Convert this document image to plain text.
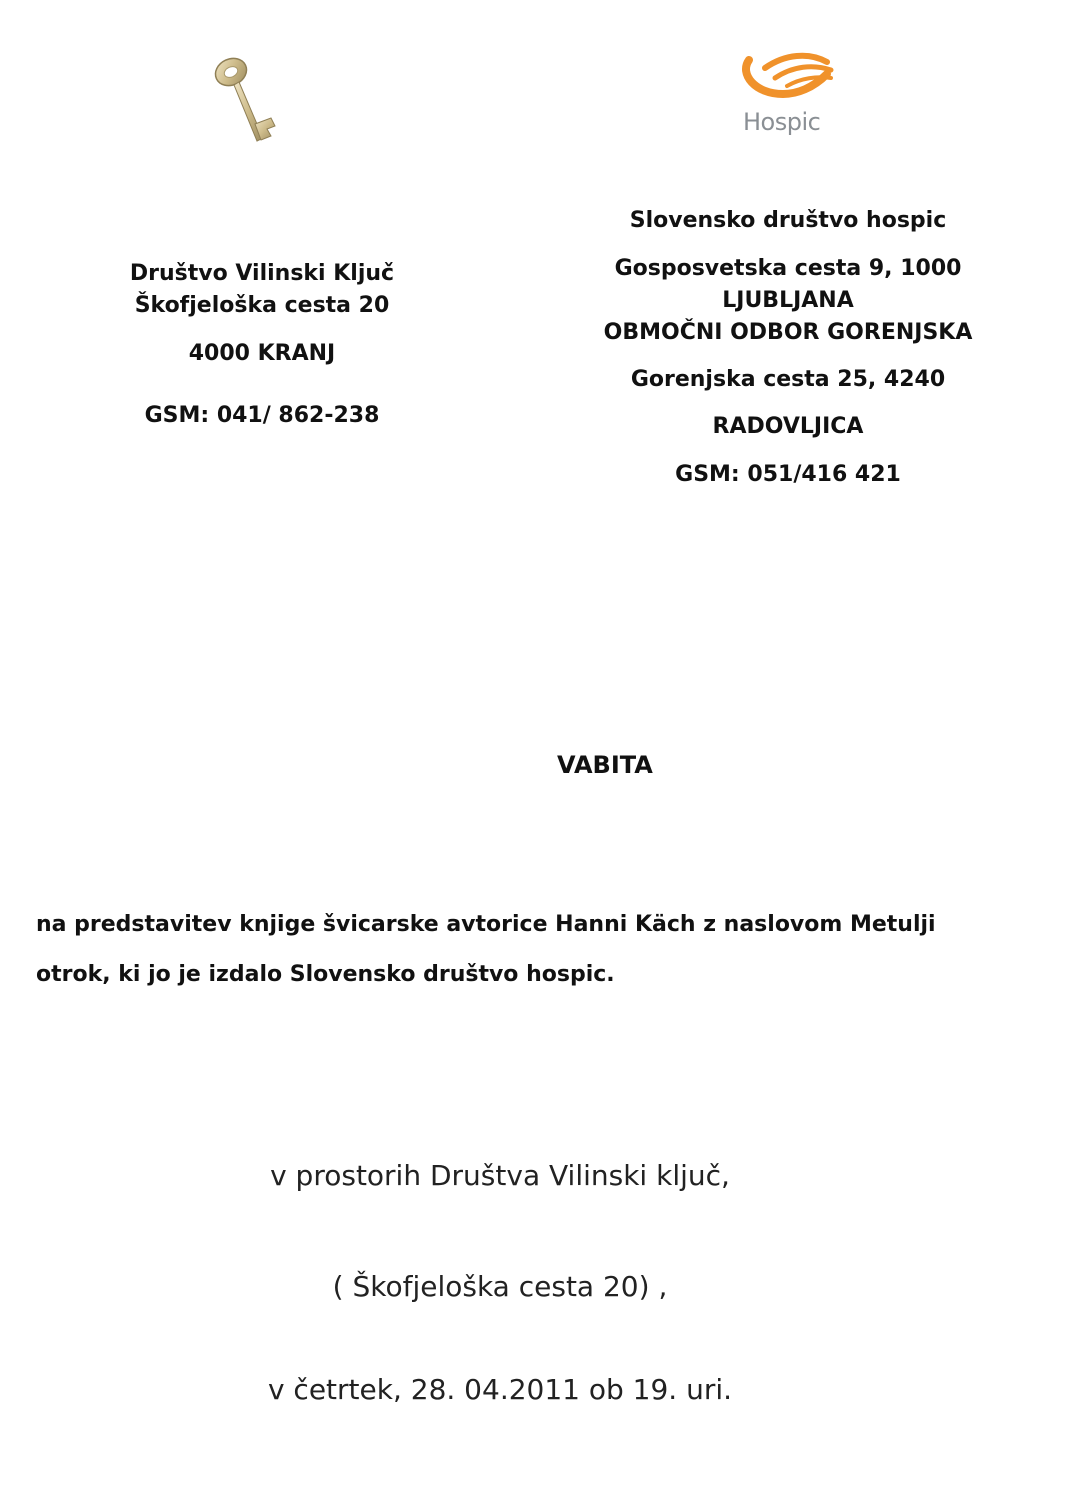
Hospic
Društvo Vilinski Ključ
Škofjeloška cesta 20
4000 KRANJ
GSM: 041/ 862-238
Slovensko društvo hospic
Gosposvetska cesta 9, 1000
LJUBLJANA
OBMOČNI ODBOR GORENJSKA
Gorenjska cesta 25, 4240
RADOVLJICA
GSM: 051/416 421
VABITA
na predstavitev knjige švicarske avtorice Hanni Käch z naslovom Metulji
otrok, ki jo je izdalo Slovensko društvo hospic.
v prostorih Društva Vilinski ključ,
( Škofjeloška cesta 20) ,
v četrtek, 28. 04.2011 ob 19. uri.
